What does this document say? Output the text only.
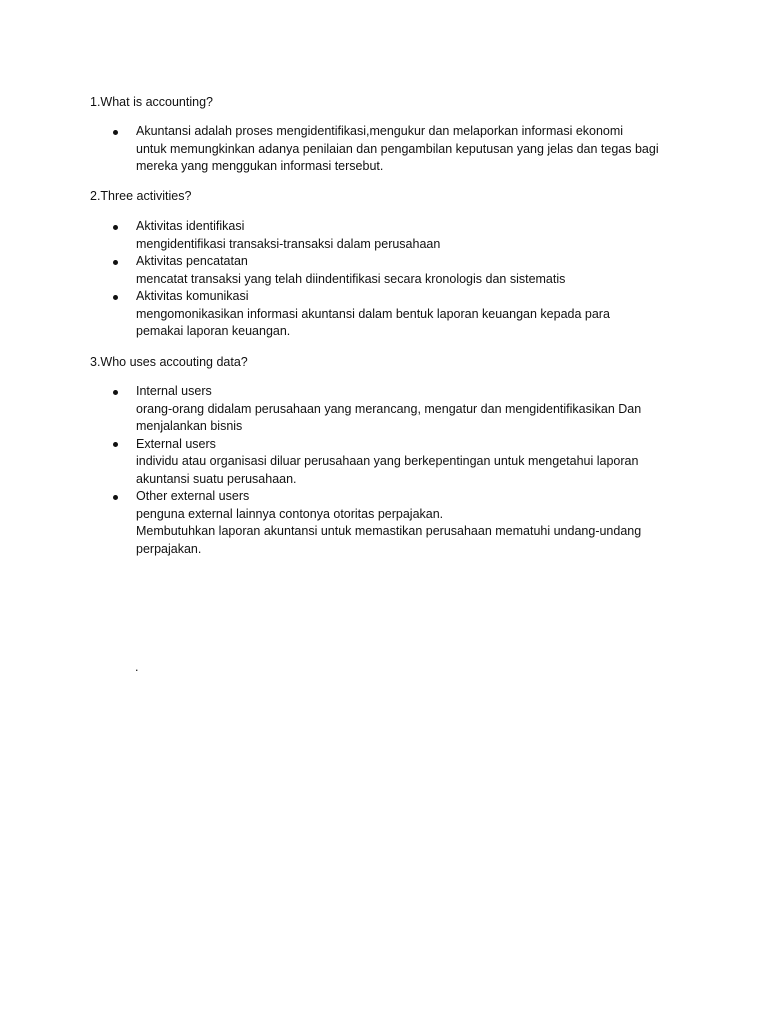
1.What is accounting?
Akuntansi adalah proses mengidentifikasi,mengukur dan melaporkan informasi ekonomi
untuk memungkinkan adanya penilaian dan pengambilan keputusan yang jelas dan tegas bagi
mereka yang menggukan informasi tersebut.
2.Three activities?
Aktivitas identifikasi
mengidentifikasi transaksi-transaksi dalam perusahaan
Aktivitas pencatatan
mencatat transaksi yang telah diindentifikasi secara kronologis dan sistematis
Aktivitas komunikasi
mengomonikasikan informasi akuntansi dalam bentuk laporan keuangan kepada para
pemakai laporan keuangan.
3.Who uses accouting data?
Internal users
orang-orang didalam perusahaan yang merancang, mengatur dan mengidentifikasikan Dan
menjalankan bisnis
External users
individu atau organisasi diluar perusahaan yang berkepentingan untuk mengetahui laporan
akuntansi suatu perusahaan.
Other external users
penguna external lainnya contonya otoritas perpajakan.
Membutuhkan laporan akuntansi untuk memastikan perusahaan mematuhi undang-undang
perpajakan.
.
